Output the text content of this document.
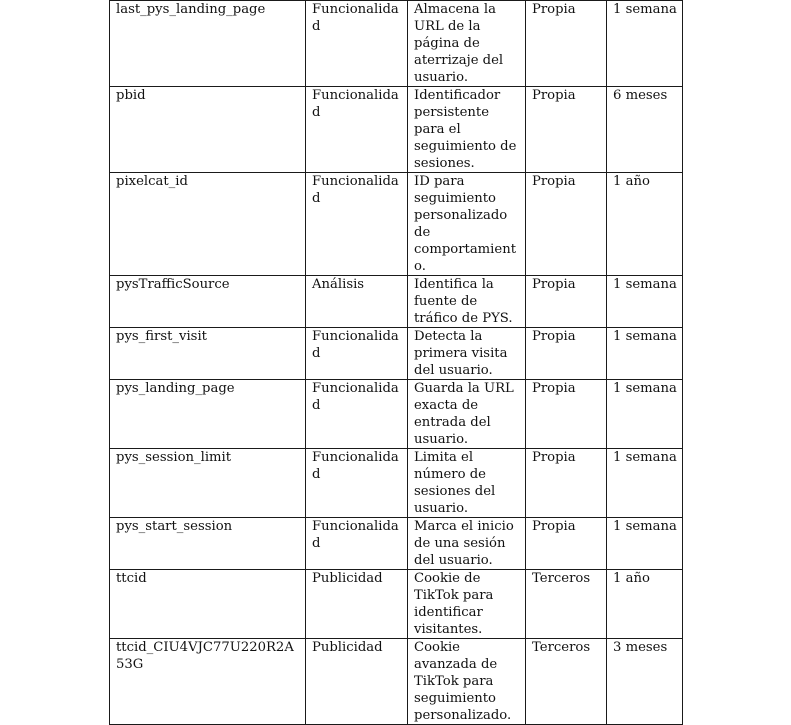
last_pys_landing_page	Funcionalidad	Almacena la URL de la página de aterrizaje del usuario.	Propia	1 semana
pbid	Funcionalidad	Identificador persistente para el seguimiento de sesiones.	Propia	6 meses
pixelcat_id	Funcionalidad	ID para seguimiento personalizado de comportamiento.	Propia	1 año
pysTrafficSource	Análisis	Identifica la fuente de tráfico de PYS.	Propia	1 semana
pys_first_visit	Funcionalidad	Detecta la primera visita del usuario.	Propia	1 semana
pys_landing_page	Funcionalidad	Guarda la URL exacta de entrada del usuario.	Propia	1 semana
pys_session_limit	Funcionalidad	Limita el número de sesiones del usuario.	Propia	1 semana
pys_start_session	Funcionalidad	Marca el inicio de una sesión del usuario.	Propia	1 semana
ttcid	Publicidad	Cookie de TikTok para identificar visitantes.	Terceros	1 año
ttcid_CIU4VJC77U220R2A53G	Publicidad	Cookie avanzada de TikTok para seguimiento personalizado.	Terceros	3 meses
